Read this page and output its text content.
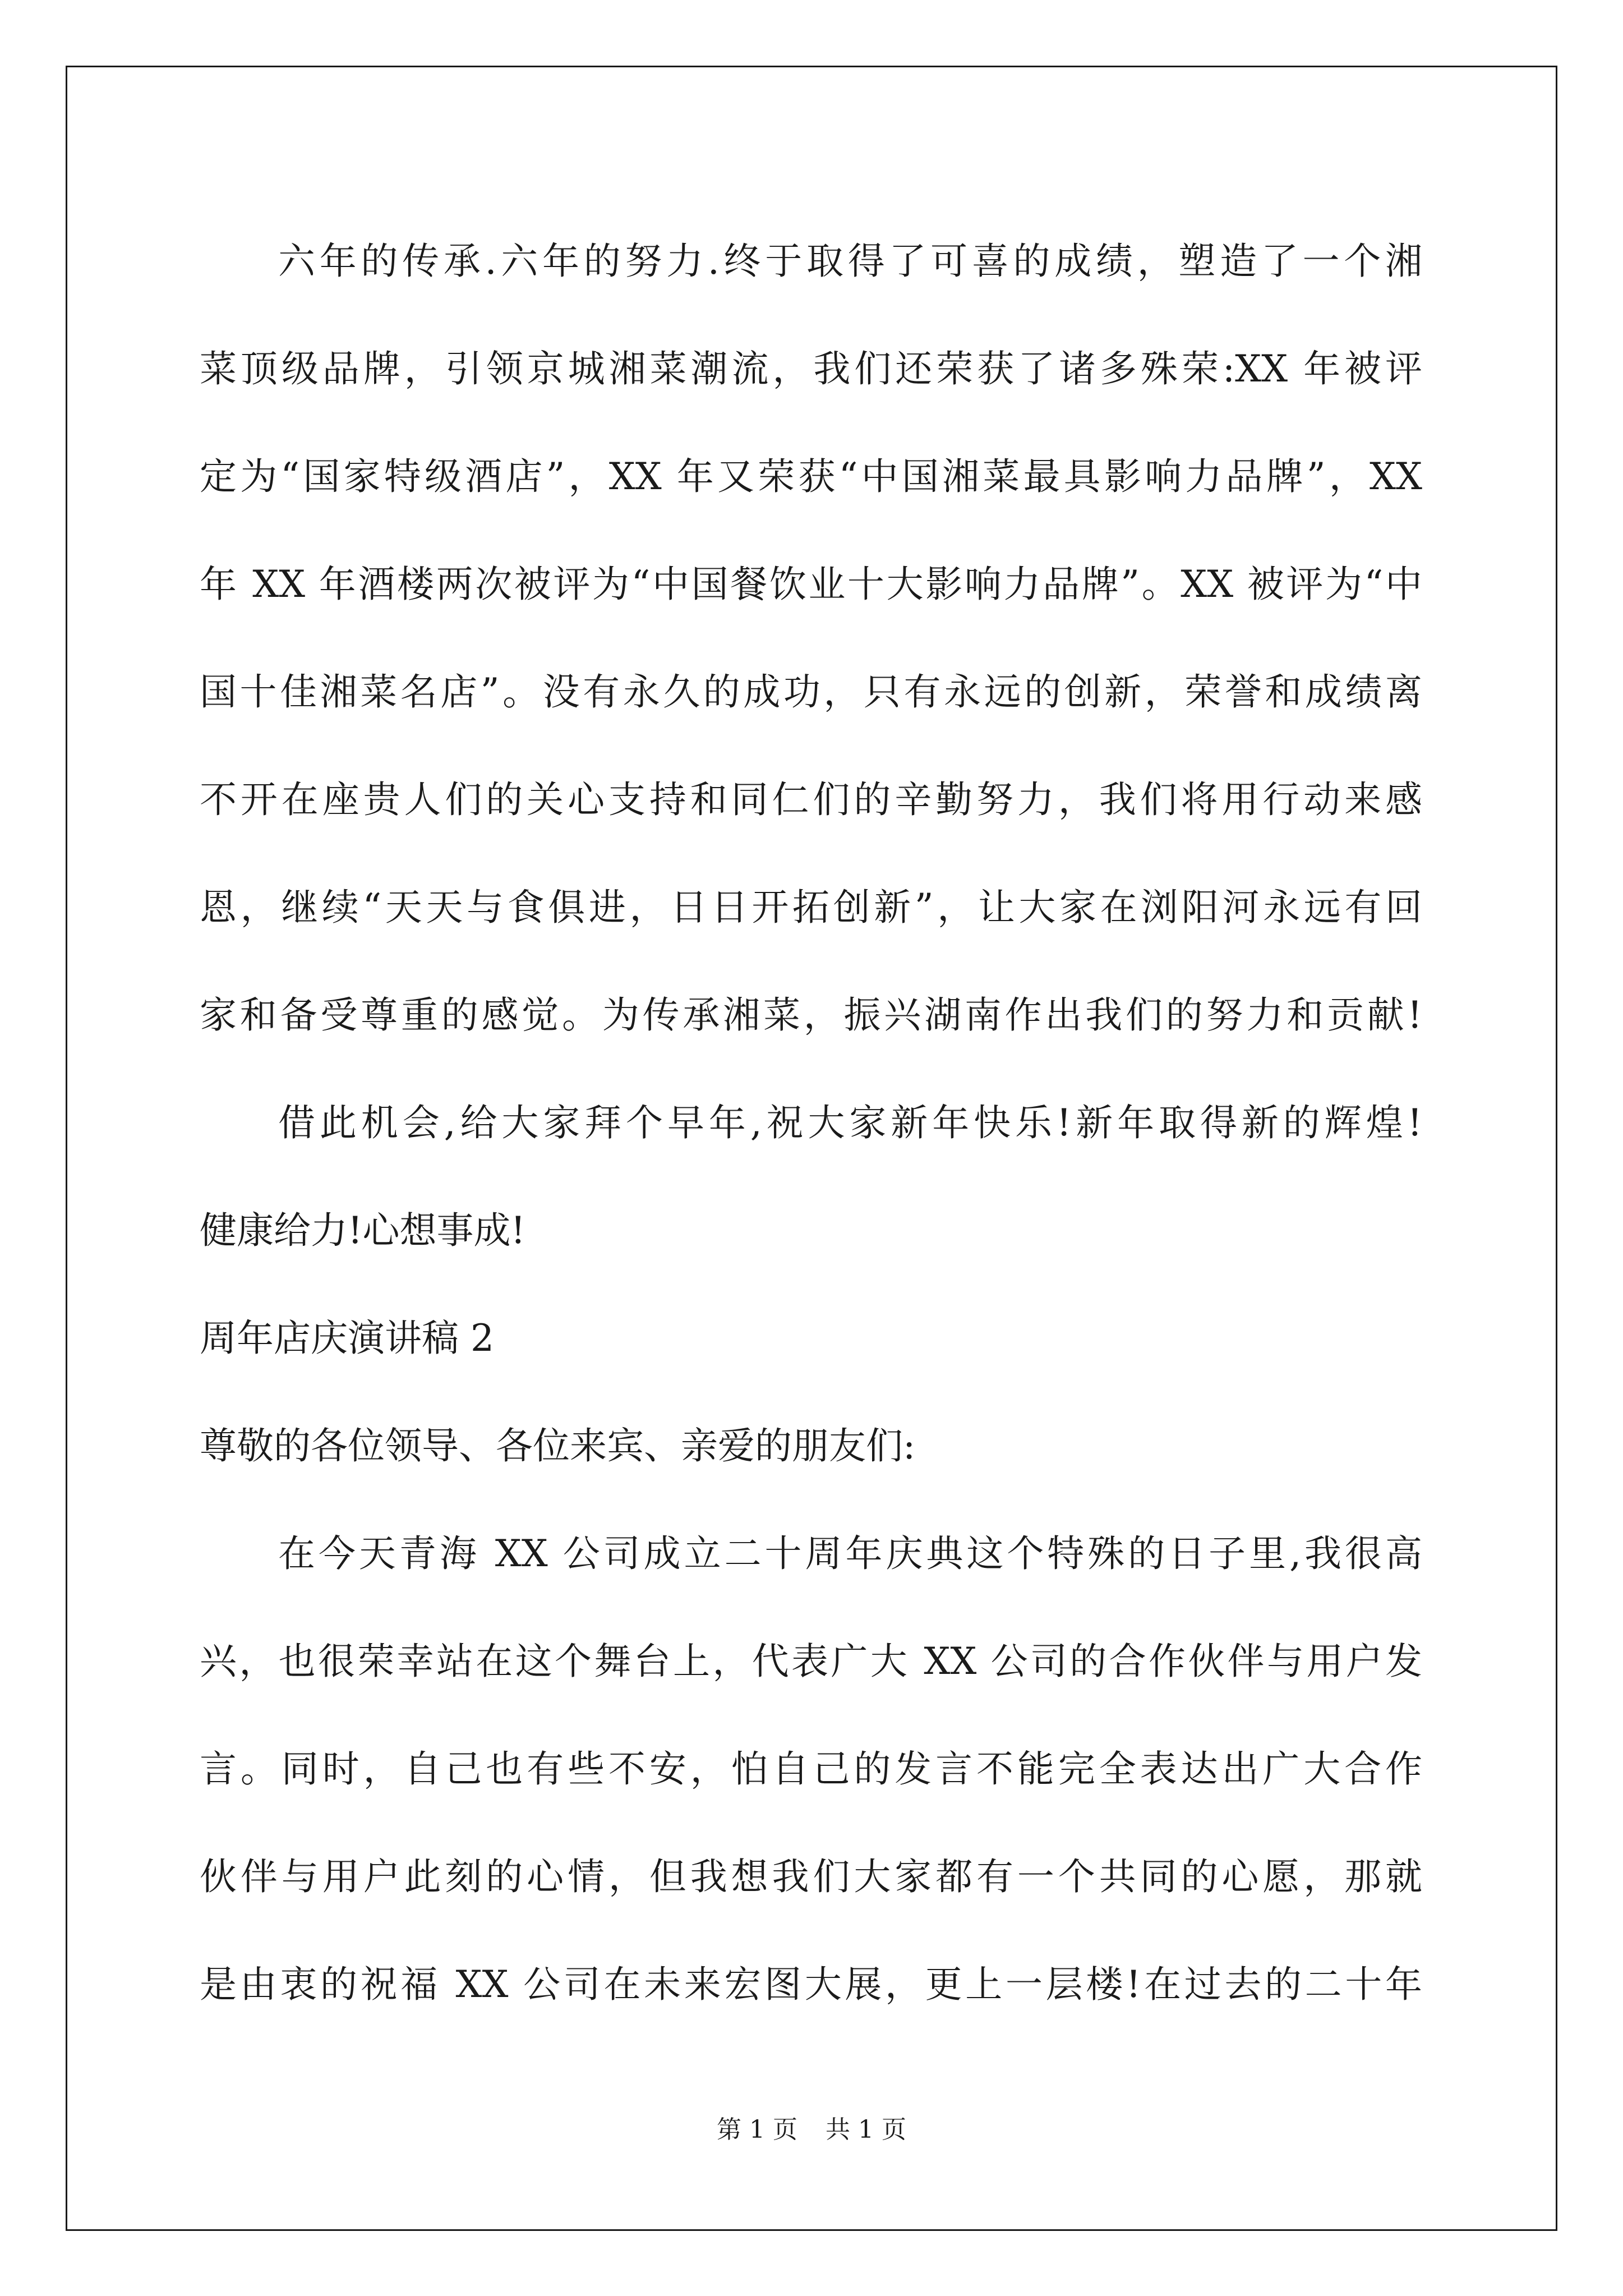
六年的传承.六年的努力.终于取得了可喜的成绩，塑造了一个湘
菜顶级品牌，引领京城湘菜潮流，我们还荣获了诸多殊荣:XX 年被评
定为“国家特级酒店”，XX 年又荣获“中国湘菜最具影响力品牌”，XX
年 XX 年酒楼两次被评为“中国餐饮业十大影响力品牌”。XX 被评为“中
国十佳湘菜名店”。没有永久的成功，只有永远的创新，荣誉和成绩离
不开在座贵人们的关心支持和同仁们的辛勤努力，我们将用行动来感
恩，继续“天天与食俱进，日日开拓创新”，让大家在浏阳河永远有回
家和备受尊重的感觉。为传承湘菜，振兴湖南作出我们的努力和贡献!
借此机会,给大家拜个早年,祝大家新年快乐!新年取得新的辉煌!
健康给力!心想事成!
周年店庆演讲稿 2
尊敬的各位领导、各位来宾、亲爱的朋友们:
在今天青海 XX 公司成立二十周年庆典这个特殊的日子里,我很高
兴，也很荣幸站在这个舞台上，代表广大 XX 公司的合作伙伴与用户发
言。同时，自己也有些不安，怕自己的发言不能完全表达出广大合作
伙伴与用户此刻的心情，但我想我们大家都有一个共同的心愿，那就
是由衷的祝福 XX 公司在未来宏图大展，更上一层楼!在过去的二十年
第 1 页 共 1 页
